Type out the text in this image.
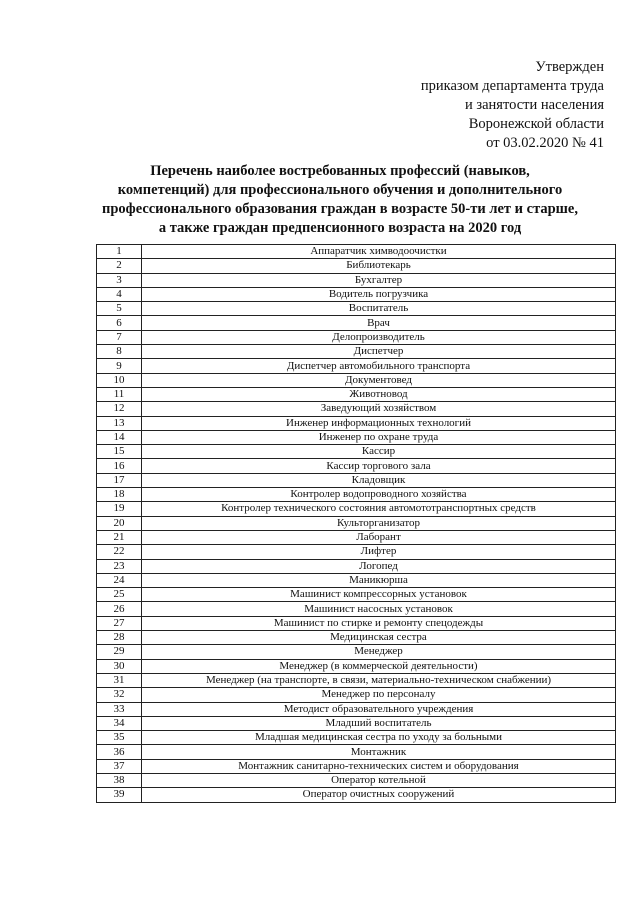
Утвержден
приказом департамента труда
и занятости населения
Воронежской области
от 03.02.2020 № 41
Перечень наиболее востребованных профессий (навыков,
компетенций) для профессионального обучения и дополнительного
профессионального образования граждан в возрасте 50-ти лет и старше,
а также граждан предпенсионного возраста на 2020 год
1	Аппаратчик химводоочистки
2	Библиотекарь
3	Бухгалтер
4	Водитель погрузчика
5	Воспитатель
6	Врач
7	Делопроизводитель
8	Диспетчер
9	Диспетчер автомобильного транспорта
10	Документовед
11	Животновод
12	Заведующий хозяйством
13	Инженер информационных технологий
14	Инженер по охране труда
15	Кассир
16	Кассир торгового зала
17	Кладовщик
18	Контролер водопроводного хозяйства
19	Контролер технического состояния автомототранспортных средств
20	Культорганизатор
21	Лаборант
22	Лифтер
23	Логопед
24	Маникюрша
25	Машинист компрессорных установок
26	Машинист насосных установок
27	Машинист по стирке и ремонту спецодежды
28	Медицинская сестра
29	Менеджер
30	Менеджер (в коммерческой деятельности)
31	Менеджер (на транспорте, в связи, материально-техническом снабжении)
32	Менеджер по персоналу
33	Методист образовательного учреждения
34	Младший воспитатель
35	Младшая медицинская сестра по уходу за больными
36	Монтажник
37	Монтажник санитарно-технических систем и оборудования
38	Оператор котельной
39	Оператор очистных сооружений
